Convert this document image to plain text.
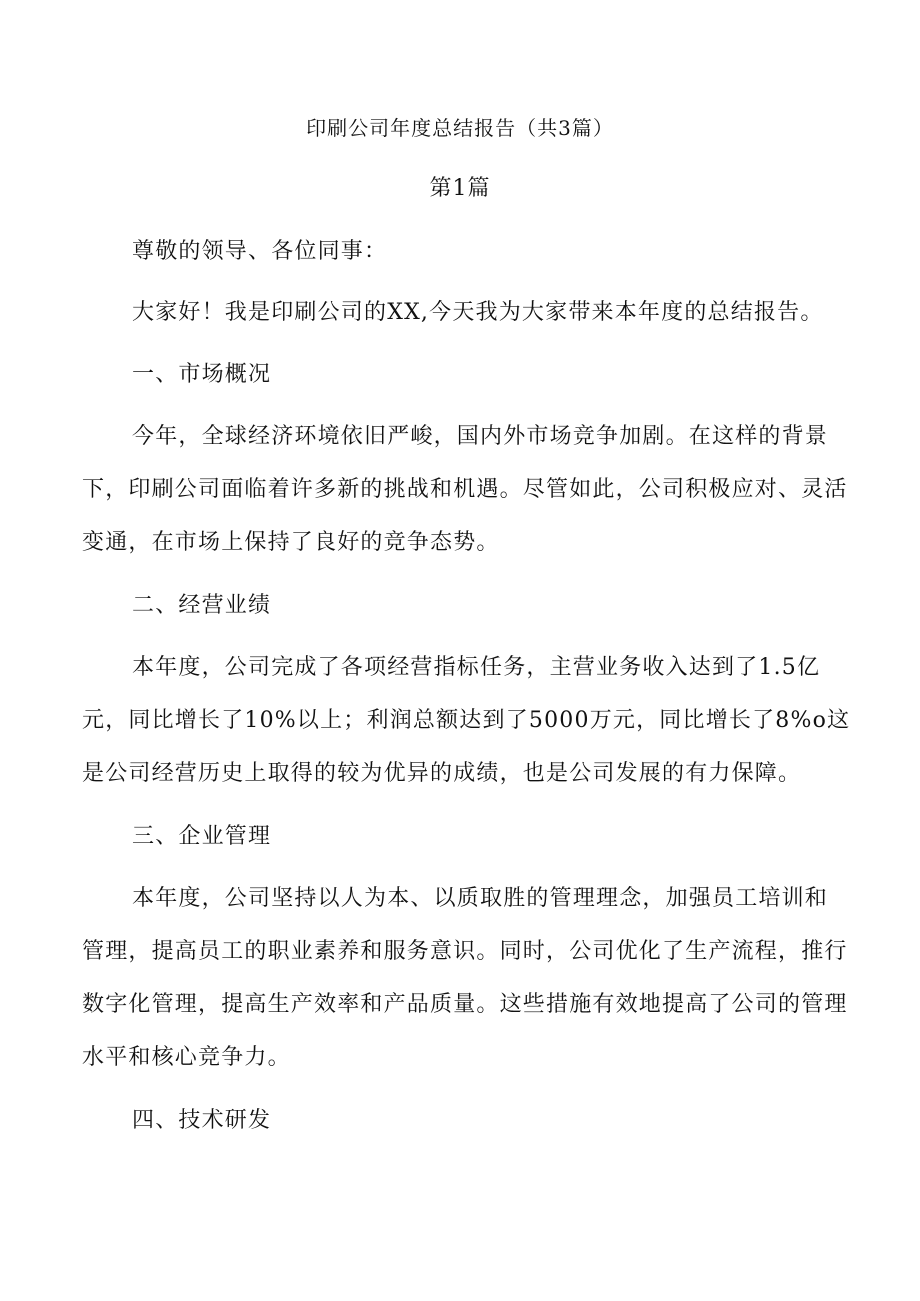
印刷公司年度总结报告（共3篇）
第1篇
尊敬的领导、各位同事：
大家好！我是印刷公司的XX,今天我为大家带来本年度的总结报告。
一、市场概况
今年，全球经济环境依旧严峻，国内外市场竞争加剧。在这样的背景
下，印刷公司面临着许多新的挑战和机遇。尽管如此，公司积极应对、灵活
变通，在市场上保持了良好的竞争态势。
二、经营业绩
本年度，公司完成了各项经营指标任务，主营业务收入达到了1.5亿
元，同比增长了10%以上；利润总额达到了5000万元，同比增长了8%o这
是公司经营历史上取得的较为优异的成绩，也是公司发展的有力保障。
三、企业管理
本年度，公司坚持以人为本、以质取胜的管理理念，加强员工培训和
管理，提高员工的职业素养和服务意识。同时，公司优化了生产流程，推行
数字化管理，提高生产效率和产品质量。这些措施有效地提高了公司的管理
水平和核心竞争力。
四、技术研发
